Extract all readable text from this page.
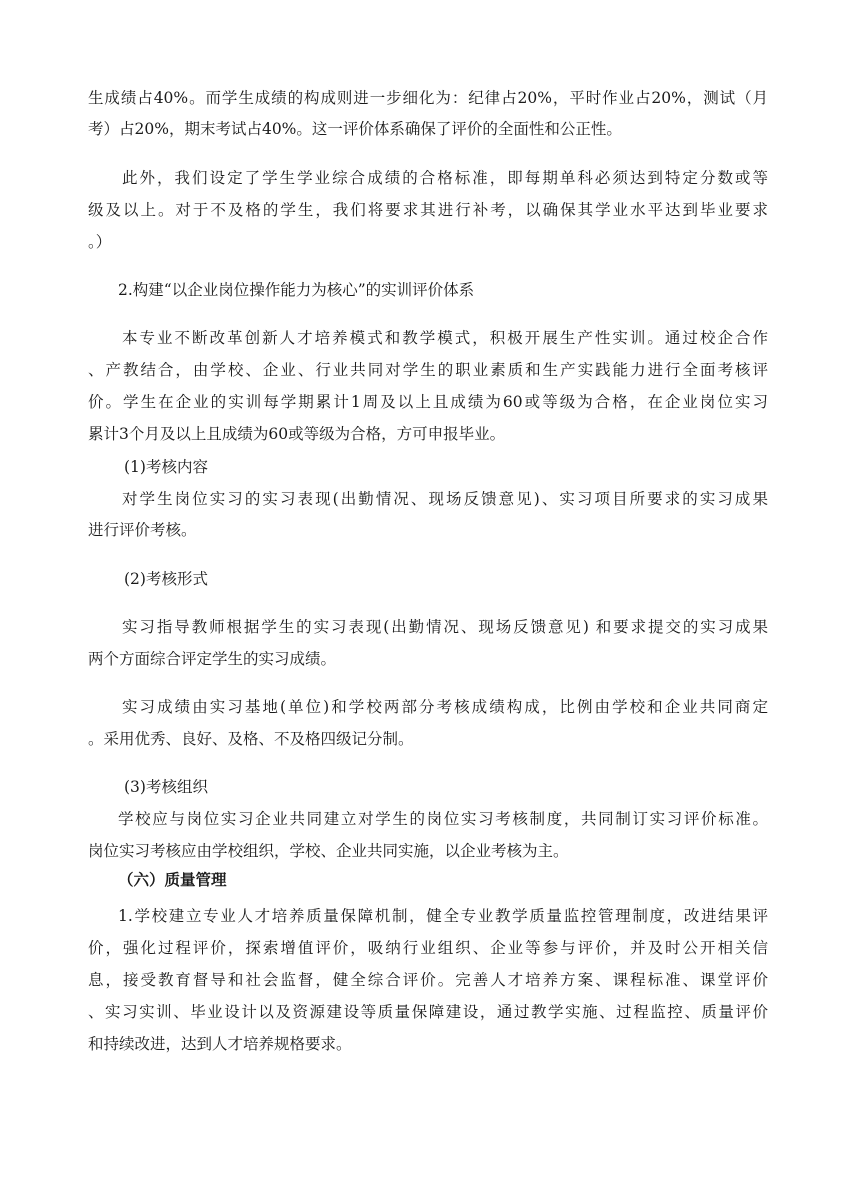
生成绩占40%。而学生成绩的构成则进一步细化为：纪律占20%，平时作业占20%，测试（月
考）占20%，期末考试占40%。这一评价体系确保了评价的全面性和公正性。
此外，我们设定了学生学业综合成绩的合格标准，即每期单科必须达到特定分数或等
级及以上。对于不及格的学生，我们将要求其进行补考，以确保其学业水平达到毕业要求
。）
2.构建“以企业岗位操作能力为核心”的实训评价体系
本专业不断改革创新人才培养模式和教学模式，积极开展生产性实训。通过校企合作
、产教结合，由学校、企业、行业共同对学生的职业素质和生产实践能力进行全面考核评
价。学生在企业的实训每学期累计1周及以上且成绩为60或等级为合格，在企业岗位实习
累计3个月及以上且成绩为60或等级为合格，方可申报毕业。
(1)考核内容
对学生岗位实习的实习表现(出勤情况、现场反馈意见)、实习项目所要求的实习成果
进行评价考核。
(2)考核形式
实习指导教师根据学生的实习表现(出勤情况、现场反馈意见) 和要求提交的实习成果
两个方面综合评定学生的实习成绩。
实习成绩由实习基地(单位)和学校两部分考核成绩构成，比例由学校和企业共同商定
。采用优秀、良好、及格、不及格四级记分制。
(3)考核组织
学校应与岗位实习企业共同建立对学生的岗位实习考核制度，共同制订实习评价标准。
岗位实习考核应由学校组织，学校、企业共同实施，以企业考核为主。
（六）质量管理
1.学校建立专业人才培养质量保障机制，健全专业教学质量监控管理制度，改进结果评
价，强化过程评价，探索增值评价，吸纳行业组织、企业等参与评价，并及时公开相关信
息，接受教育督导和社会监督，健全综合评价。完善人才培养方案、课程标准、课堂评价
、实习实训、毕业设计以及资源建设等质量保障建设，通过教学实施、过程监控、质量评价
和持续改进，达到人才培养规格要求。
